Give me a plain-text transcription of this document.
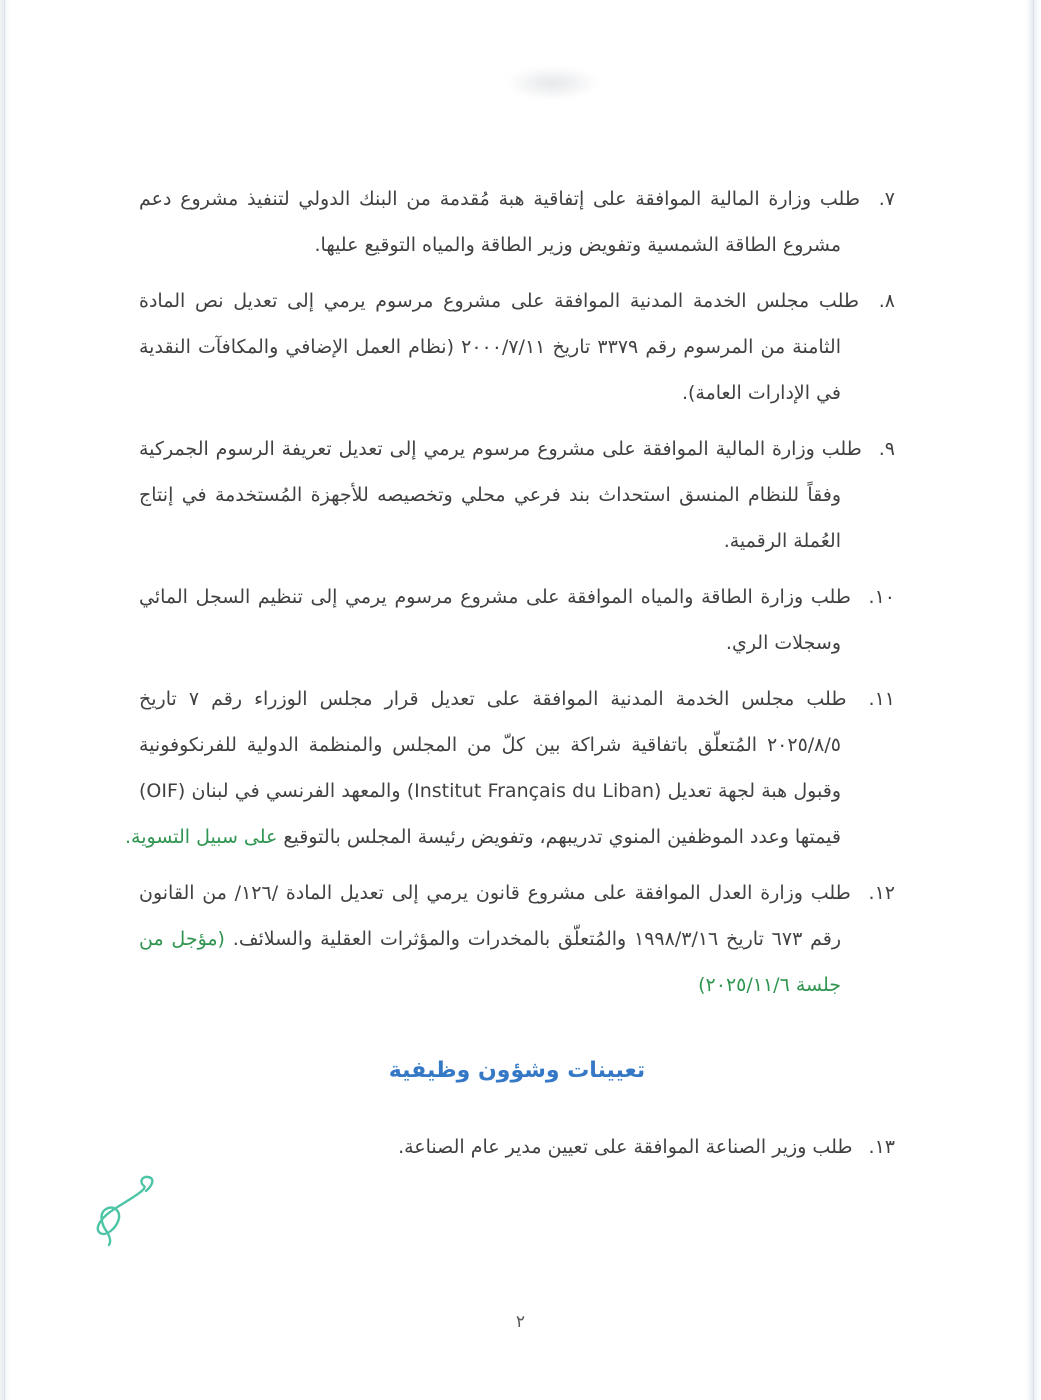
٧. طلب وزارة المالية الموافقة على إتفاقية هبة مُقدمة من البنك الدولي لتنفيذ مشروع دعم
مشروع الطاقة الشمسية وتفويض وزير الطاقة والمياه التوقيع عليها.
٨. طلب مجلس الخدمة المدنية الموافقة على مشروع مرسوم يرمي إلى تعديل نص المادة
الثامنة من المرسوم رقم ٣٣٧٩ تاريخ ٢٠٠٠/٧/١١ (نظام العمل الإضافي والمكافآت النقدية
في الإدارات العامة).
٩. طلب وزارة المالية الموافقة على مشروع مرسوم يرمي إلى تعديل تعريفة الرسوم الجمركية
وفقاً للنظام المنسق استحداث بند فرعي محلي وتخصيصه للأجهزة المُستخدمة في إنتاج
العُملة الرقمية.
١٠. طلب وزارة الطاقة والمياه الموافقة على مشروع مرسوم يرمي إلى تنظيم السجل المائي
وسجلات الري.
١١. طلب مجلس الخدمة المدنية الموافقة على تعديل قرار مجلس الوزراء رقم ٧ تاريخ
٢٠٢٥/٨/٥ المُتعلّق باتفاقية شراكة بين كلّ من المجلس والمنظمة الدولية للفرنكوفونية
(OIF) والمعهد الفرنسي في لبنان (Institut Français du Liban) وقبول هبة لجهة تعديل
قيمتها وعدد الموظفين المنوي تدريبهم، وتفويض رئيسة المجلس بالتوقيع على سبيل التسوية.
١٢. طلب وزارة العدل الموافقة على مشروع قانون يرمي إلى تعديل المادة /١٢٦/ من القانون
رقم ٦٧٣ تاريخ ١٩٩٨/٣/١٦ والمُتعلّق بالمخدرات والمؤثرات العقلية والسلائف. (مؤجل من
جلسة ٢٠٢٥/١١/٦)
تعيينات وشؤون وظيفية
١٣. طلب وزير الصناعة الموافقة على تعيين مدير عام الصناعة.
٢
